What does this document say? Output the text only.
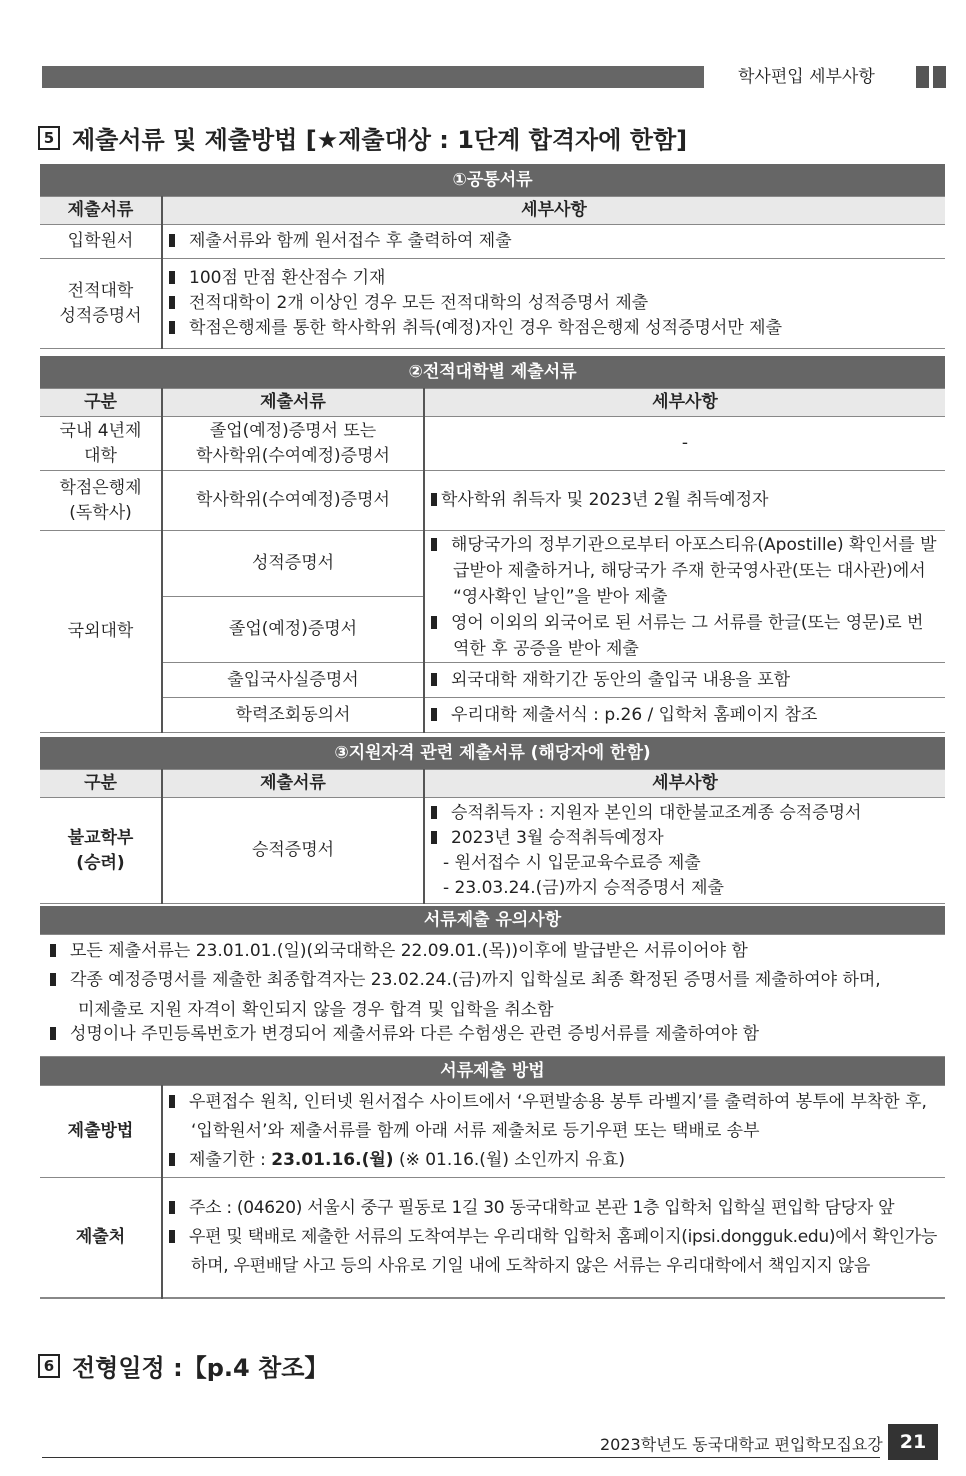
학사편입 세부사항
5 제출서류 및 제출방법 [★제출대상 : 1단계 합격자에 한함]
①공통서류	
제출서류	세부사항
입학원서	제출서류와 함께 원서접수 후 출력하여 제출

전적대학
성적증명서	100점 만점 환산점수 기재
전적대학이 2개 이상인 경우 모든 전적대학의 성적증명서 제출
학점은행제를 통한 학사학위 취득(예정)자인 경우 학점은행제 성적증명서만 제출
②전적대학별 제출서류		
구분	제출서류	세부사항
국내 4년제
대학	졸업(예정)증명서 또는
학사학위(수여예정)증명서	-
학점은행제
(독학사)	학사학위(수여예정)증명서	학사학위 취득자 및 2023년 2월 취득예정자
국외대학	성적증명서	해당국가의 정부기관으로부터 아포스티유(Apostille) 확인서를 발급받아 제출하거나, 해당국가 주재 한국영사관(또는 대사관)에서 “영사확인 날인”을 받아 제출
영어 이외의 외국어로 된 서류는 그 서류를 한글(또는 영문)로 번역한 후 공증을 받아 제출

	졸업(예정)증명서	
	출입국사실증명서	외국대학 재학기간 동안의 출입국 내용을 포함

	학력조회동의서	우리대학 제출서식 : p.26 / 입학처 홈페이지 참조
③지원자격 관련 제출서류 (해당자에 한함)		
구분	제출서류	세부사항
불교학부
(승려)	승적증명서	승적취득자 : 지원자 본인의 대한불교조계종 승적증명서
2023년 3월 승적취득예정자
- 원서접수 시 입문교육수료증 제출
- 23.03.24.(금)까지 승적증명서 제출
서류제출 유의사항
모든 제출서류는 23.01.01.(일)(외국대학은 22.09.01.(목))이후에 발급받은 서류이어야 함
각종 예정증명서를 제출한 최종합격자는 23.02.24.(금)까지 입학실로 최종 확정된 증명서를 제출하여야 하며,
미제출로 지원 자격이 확인되지 않을 경우 합격 및 입학을 취소함
성명이나 주민등록번호가 변경되어 제출서류와 다른 수험생은 관련 증빙서류를 제출하여야 함
서류제출 방법	
제출방법	우편접수 원칙, 인터넷 원서접수 사이트에서 ‘우편발송용 봉투 라벨지’를 출력하여 봉투에 부착한 후, ‘입학원서’와 제출서류를 함께 아래 서류 제출처로 등기우편 또는 택배로 송부
제출기한 : 23.01.16.(월) (※ 01.16.(월) 소인까지 유효)

제출처	주소 : (04620) 서울시 중구 필동로 1길 30 동국대학교 본관 1층 입학처 입학실 편입학 담당자 앞
우편 및 택배로 제출한 서류의 도착여부는 우리대학 입학처 홈페이지(ipsi.dongguk.edu)에서 확인가능하며, 우편배달 사고 등의 사유로 기일 내에 도착하지 않은 서류는 우리대학에서 책임지지 않음
6 전형일정 :【p.4 참조】
2023학년도 동국대학교 편입학모집요강 21
